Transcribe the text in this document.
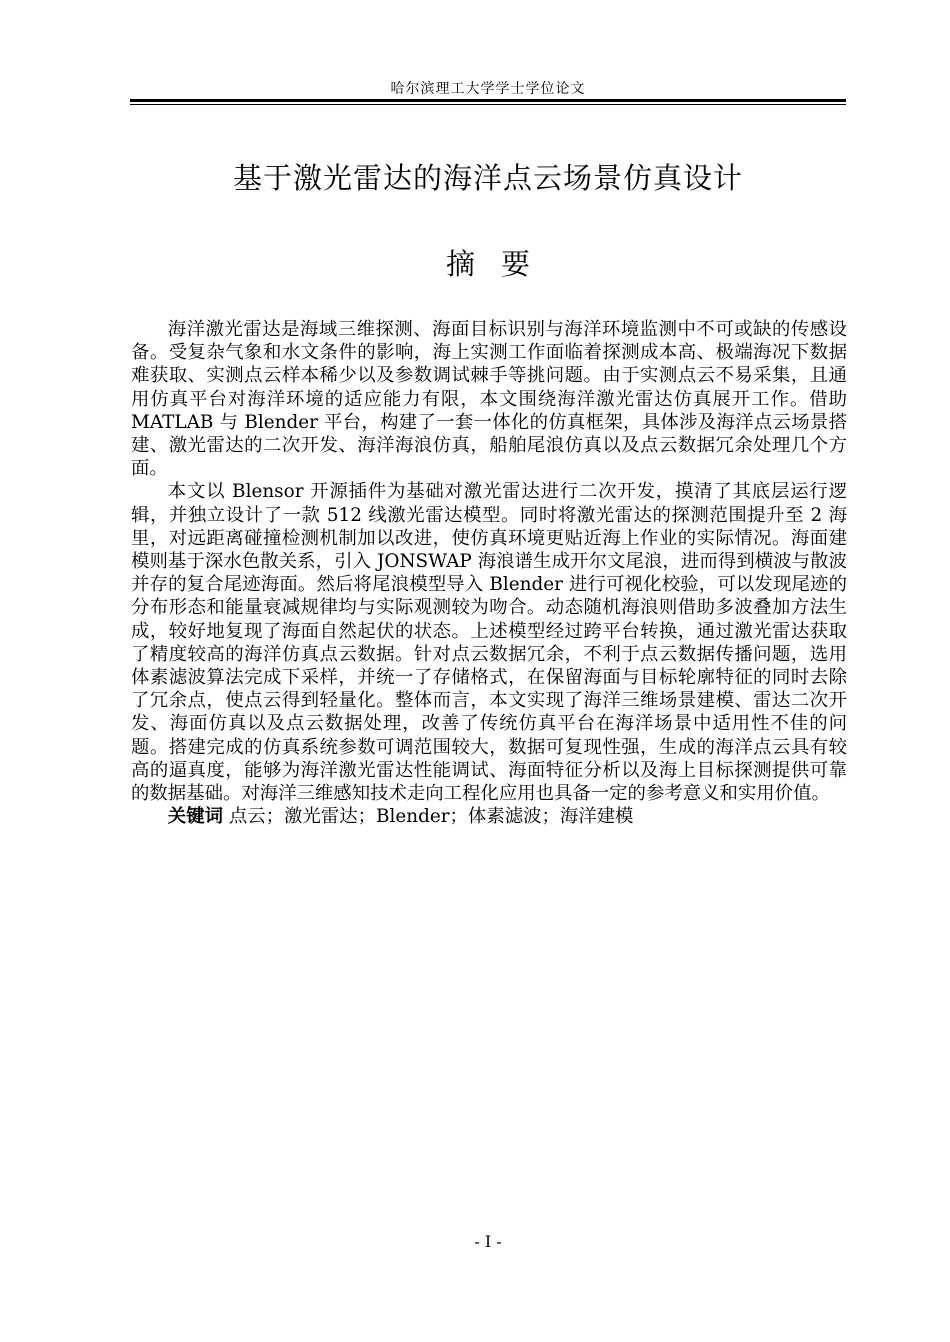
哈尔滨理工大学学士学位论文
基于激光雷达的海洋点云场景仿真设计
摘要

海洋激光雷达是海域三维探测、海面目标识别与海洋环境监测中不可或缺的传感设备。受复杂气象和水文条件的影响，海上实测工作面临着探测成本高、极端海况下数据难获取、实测点云样本稀少以及参数调试棘手等挑问题。由于实测点云不易采集，且通用仿真平台对海洋环境的适应能力有限，本文围绕海洋激光雷达仿真展开工作。借助 MATLAB 与 Blender 平台，构建了一套一体化的仿真框架，具体涉及海洋点云场景搭建、激光雷达的二次开发、海洋海浪仿真，船舶尾浪仿真以及点云数据冗余处理几个方面。

本文以 Blensor 开源插件为基础对激光雷达进行二次开发，摸清了其底层运行逻辑，并独立设计了一款 512 线激光雷达模型。同时将激光雷达的探测范围提升至 2 海里，对远距离碰撞检测机制加以改进，使仿真环境更贴近海上作业的实际情况。海面建模则基于深水色散关系，引入 JONSWAP 海浪谱生成开尔文尾浪，进而得到横波与散波并存的复合尾迹海面。然后将尾浪模型导入 Blender 进行可视化校验，可以发现尾迹的分布形态和能量衰减规律均与实际观测较为吻合。动态随机海浪则借助多波叠加方法生成，较好地复现了海面自然起伏的状态。上述模型经过跨平台转换，通过激光雷达获取了精度较高的海洋仿真点云数据。针对点云数据冗余，不利于点云数据传播问题，选用体素滤波算法完成下采样，并统一了存储格式，在保留海面与目标轮廓特征的同时去除了冗余点，使点云得到轻量化。整体而言，本文实现了海洋三维场景建模、雷达二次开发、海面仿真以及点云数据处理，改善了传统仿真平台在海洋场景中适用性不佳的问题。搭建完成的仿真系统参数可调范围较大，数据可复现性强，生成的海洋点云具有较高的逼真度，能够为海洋激光雷达性能调试、海面特征分析以及海上目标探测提供可靠的数据基础。对海洋三维感知技术走向工程化应用也具备一定的参考意义和实用价值。

关键词 点云；激光雷达；Blender；体素滤波；海洋建模

- I -
